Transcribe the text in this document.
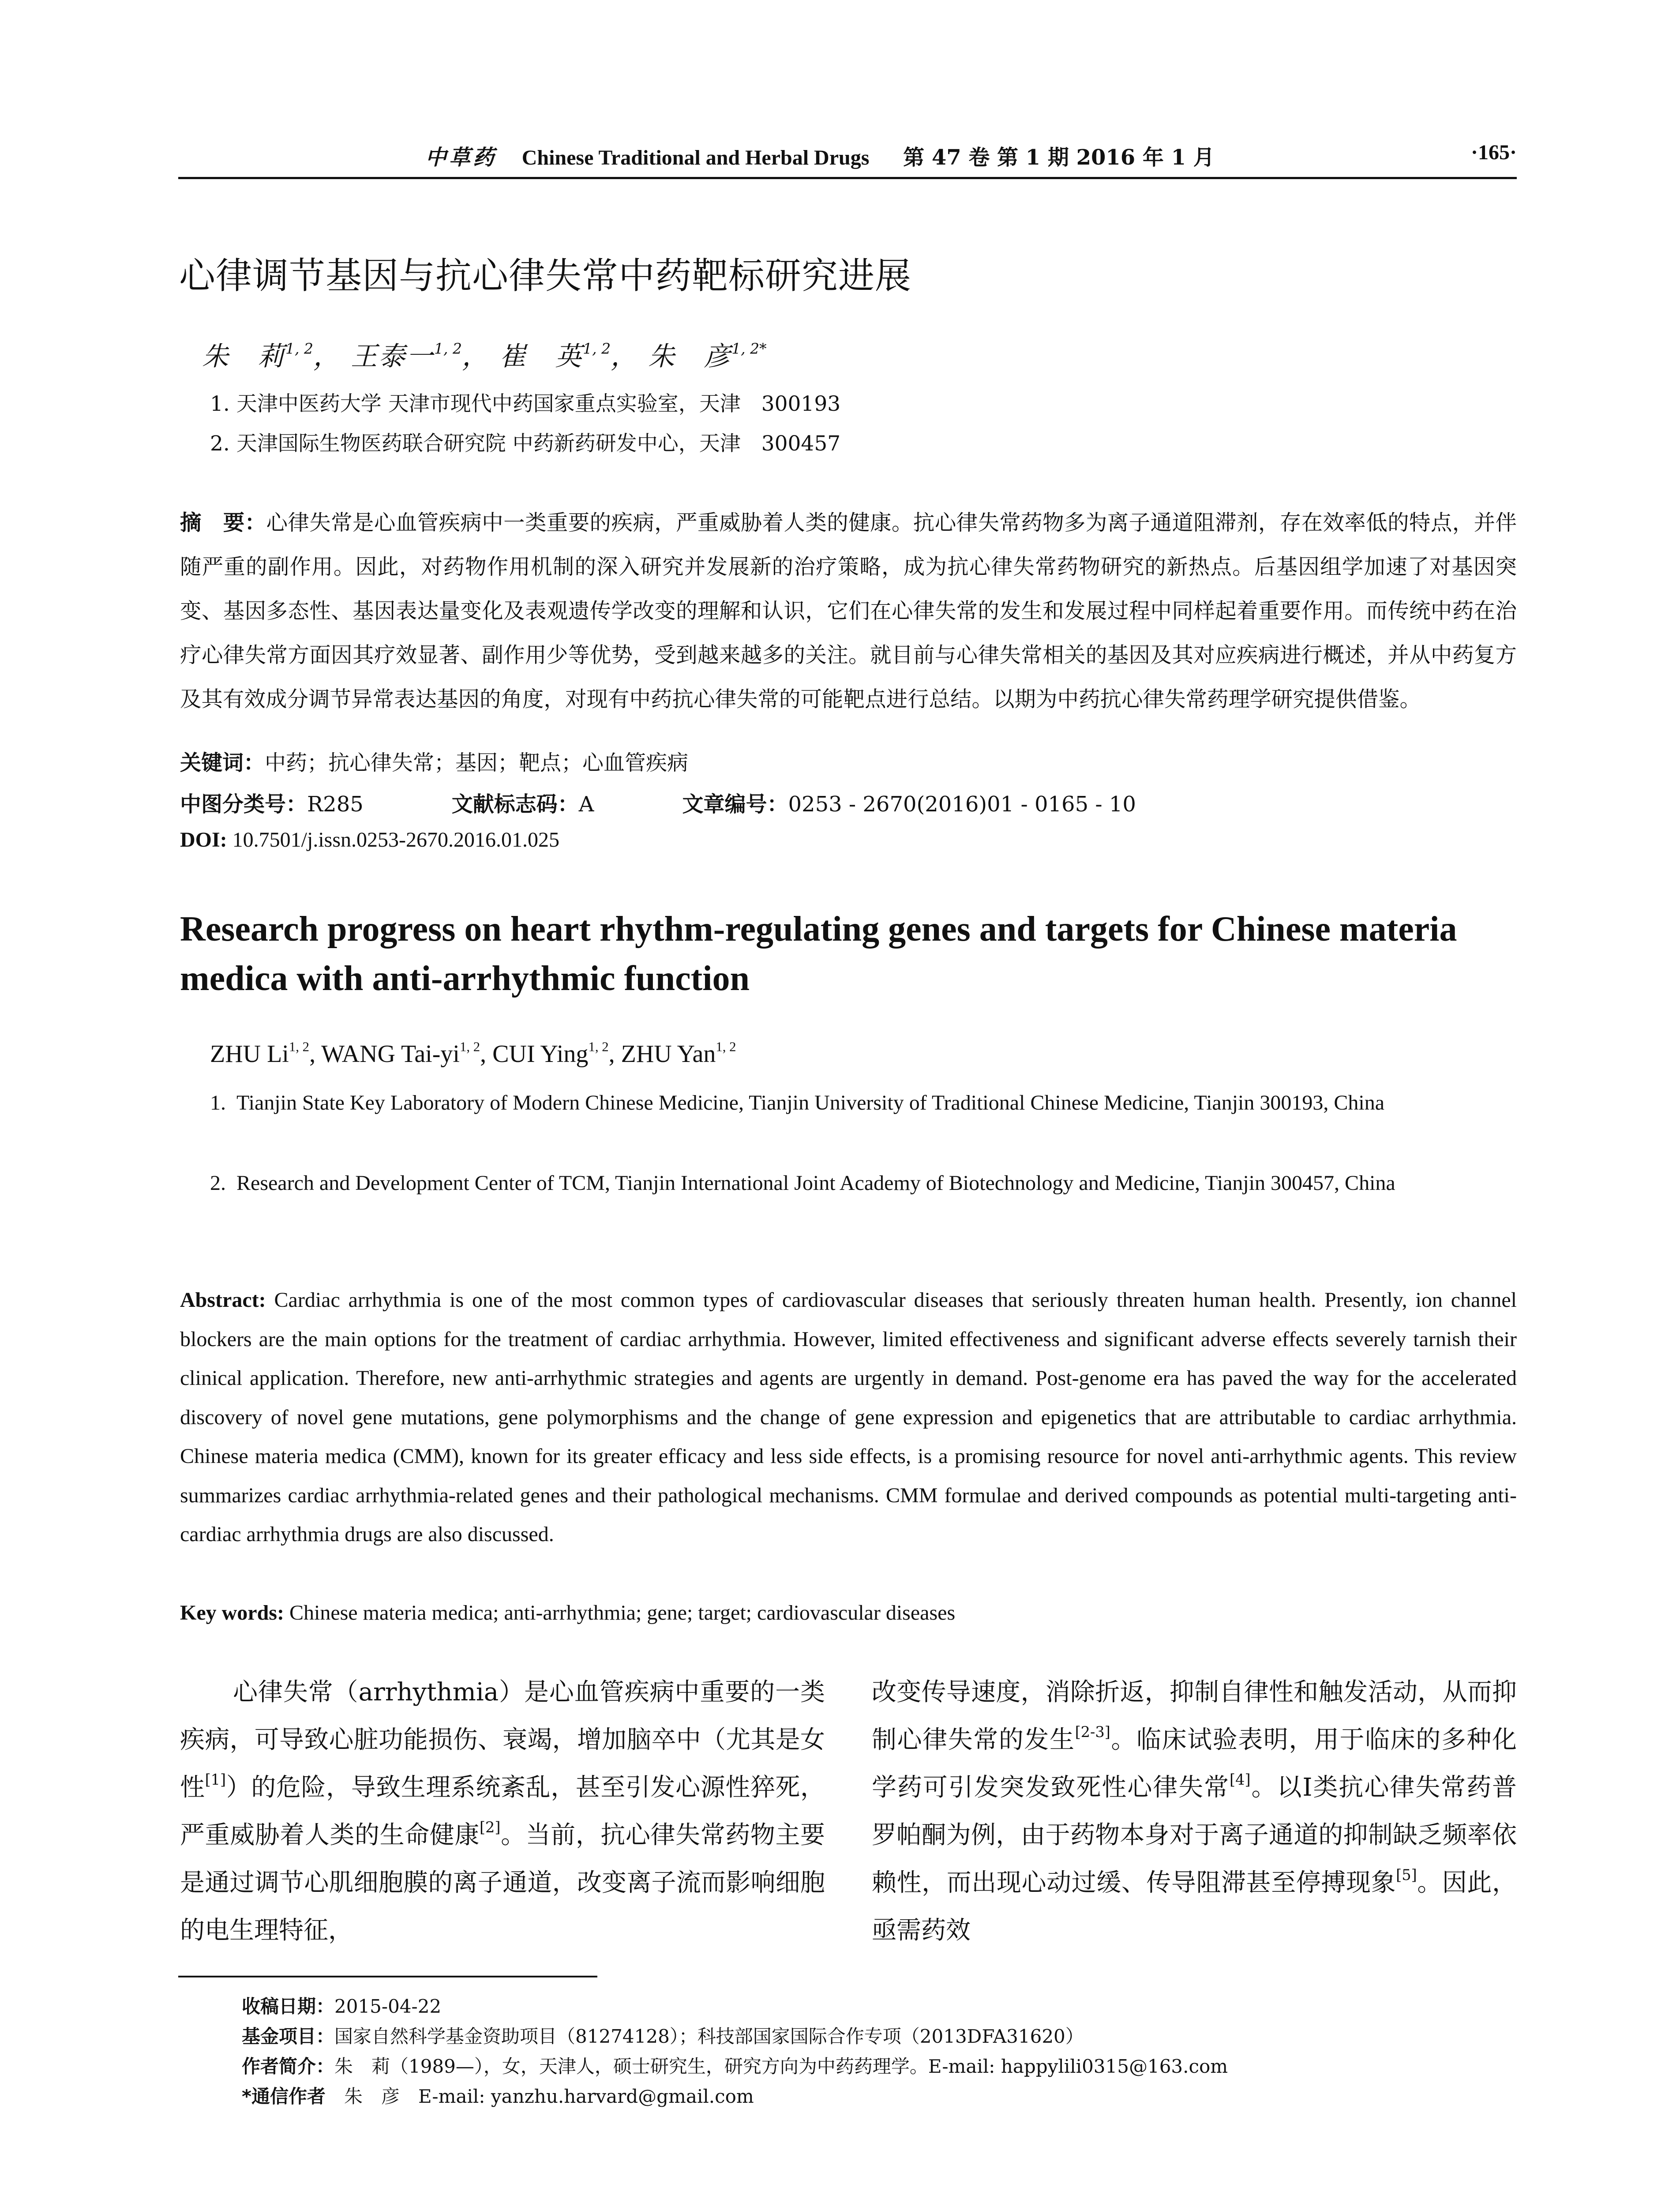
中草药 Chinese Traditional and Herbal Drugs 第 47 卷 第 1 期 2016 年 1 月	·165·
心律调节基因与抗心律失常中药靶标研究进展
朱　莉$^{1, 2}$， 王泰一$^{1, 2}$， 崔　英$^{1, 2}$， 朱　彦$^{1, 2*}$
1. 天津中医药大学 天津市现代中药国家重点实验室，天津　300193
2. 天津国际生物医药联合研究院 中药新药研发中心，天津　300457
摘　要：心律失常是心血管疾病中一类重要的疾病，严重威胁着人类的健康。抗心律失常药物多为离子通道阻滞剂，存在效率低的特点，并伴随严重的副作用。因此，对药物作用机制的深入研究并发展新的治疗策略，成为抗心律失常药物研究的新热点。后基因组学加速了对基因突变、基因多态性、基因表达量变化及表观遗传学改变的理解和认识，它们在心律失常的发生和发展过程中同样起着重要作用。而传统中药在治疗心律失常方面因其疗效显著、副作用少等优势，受到越来越多的关注。就目前与心律失常相关的基因及其对应疾病进行概述，并从中药复方及其有效成分调节异常表达基因的角度，对现有中药抗心律失常的可能靶点进行总结。以期为中药抗心律失常药理学研究提供借鉴。
关键词：中药；抗心律失常；基因；靶点；心血管疾病
中图分类号：R285	文献标志码：A	文章编号：0253 - 2670(2016)01 - 0165 - 10
DOI: 10.7501/j.issn.0253-2670.2016.01.025
Research progress on heart rhythm-regulating genes and targets for Chinese materia medica with anti-arrhythmic function
ZHU Li$^{1, 2}$, WANG Tai-yi$^{1, 2}$, CUI Ying$^{1, 2}$, ZHU Yan$^{1, 2}$
1. Tianjin State Key Laboratory of Modern Chinese Medicine, Tianjin University of Traditional Chinese Medicine, Tianjin 300193, China
2. Research and Development Center of TCM, Tianjin International Joint Academy of Biotechnology and Medicine, Tianjin 300457, China
Abstract: Cardiac arrhythmia is one of the most common types of cardiovascular diseases that seriously threaten human health. Presently, ion channel blockers are the main options for the treatment of cardiac arrhythmia. However, limited effectiveness and significant adverse effects severely tarnish their clinical application. Therefore, new anti-arrhythmic strategies and agents are urgently in demand. Post-genome era has paved the way for the accelerated discovery of novel gene mutations, gene polymorphisms and the change of gene expression and epigenetics that are attributable to cardiac arrhythmia. Chinese materia medica (CMM), known for its greater efficacy and less side effects, is a promising resource for novel anti-arrhythmic agents. This review summarizes cardiac arrhythmia-related genes and their pathological mechanisms. CMM formulae and derived compounds as potential multi-targeting anti-cardiac arrhythmia drugs are also discussed.
Key words: Chinese materia medica; anti-arrhythmia; gene; target; cardiovascular diseases
心律失常（arrhythmia）是心血管疾病中重要的一类疾病，可导致心脏功能损伤、衰竭，增加脑卒中（尤其是女性[1]）的危险，导致生理系统紊乱，甚至引发心源性猝死，严重威胁着人类的生命健康[2]。当前，抗心律失常药物主要是通过调节心肌细胞膜的离子通道，改变离子流而影响细胞的电生理特征，
改变传导速度，消除折返，抑制自律性和触发活动，从而抑制心律失常的发生[2-3]。临床试验表明，用于临床的多种化学药可引发突发致死性心律失常[4]。以Ⅰ类抗心律失常药普罗帕酮为例，由于药物本身对于离子通道的抑制缺乏频率依赖性，而出现心动过缓、传导阻滞甚至停搏现象[5]。因此，亟需药效
收稿日期：2015-04-22
基金项目：国家自然科学基金资助项目（81274128）；科技部国家国际合作专项（2013DFA31620）
作者简介：朱　莉（1989—），女，天津人，硕士研究生，研究方向为中药药理学。E-mail: happylili0315@163.com
*通信作者　 朱　彦　E-mail: yanzhu.harvard@gmail.com
